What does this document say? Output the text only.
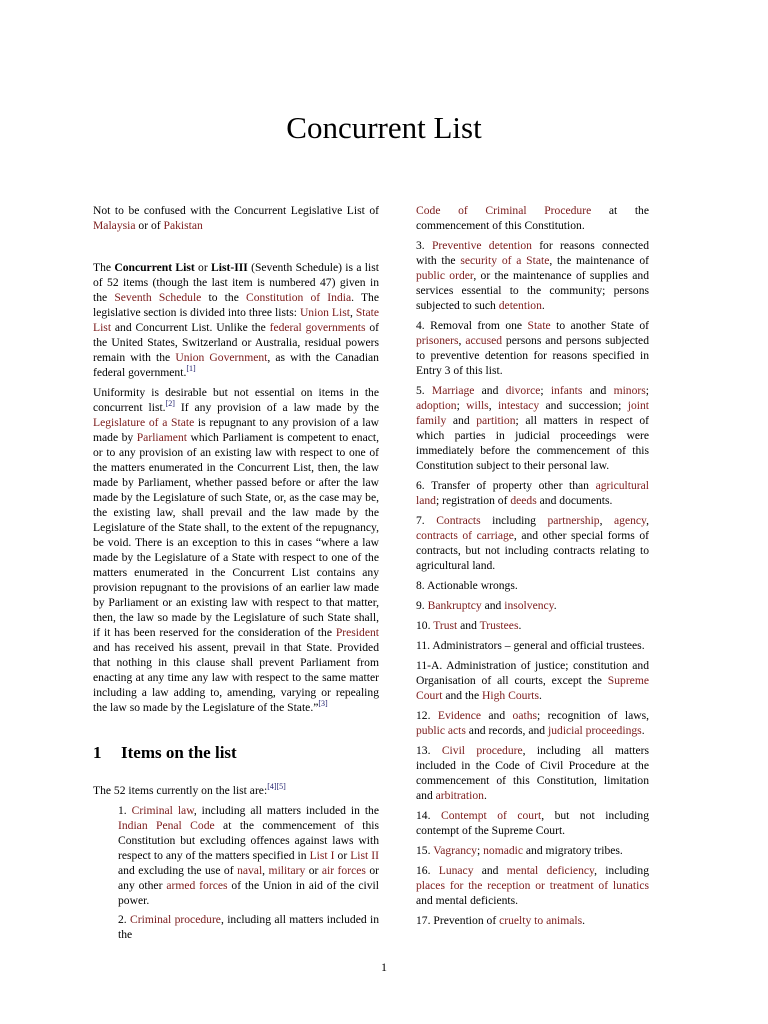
Concurrent List

Not to be confused with the Concurrent Legislative List of Malaysia or of Pakistan

The Concurrent List or List-III (Seventh Schedule) is a list of 52 items (though the last item is numbered 47) given in the Seventh Schedule to the Constitution of India. The legislative section is divided into three lists: Union List, State List and Concurrent List. Unlike the federal governments of the United States, Switzerland or Australia, residual powers remain with the Union Government, as with the Canadian federal government.[1]

Uniformity is desirable but not essential on items in the concurrent list.[2] If any provision of a law made by the Legislature of a State is repugnant to any provision of a law made by Parliament which Parliament is competent to enact, or to any provision of an existing law with respect to one of the matters enumerated in the Concurrent List, then, the law made by Parliament, whether passed before or after the law made by the Legislature of such State, or, as the case may be, the existing law, shall prevail and the law made by the Legislature of the State shall, to the extent of the repugnancy, be void. There is an exception to this in cases “where a law made by the Legislature of a State with respect to one of the matters enumerated in the Concurrent List contains any provision repugnant to the provisions of an earlier law made by Parliament or an existing law with respect to that matter, then, the law so made by the Legislature of such State shall, if it has been reserved for the consideration of the President and has received his assent, prevail in that State. Provided that nothing in this clause shall prevent Parliament from enacting at any time any law with respect to the same matter including a law adding to, amending, varying or repealing the law so made by the Legislature of the State.”[3]

1 Items on the list

The 52 items currently on the list are:[4][5]

1. Criminal law, including all matters included in the Indian Penal Code at the commencement of this Constitution but excluding offences against laws with respect to any of the matters specified in List I or List II and excluding the use of naval, military or air forces or any other armed forces of the Union in aid of the civil power.

2. Criminal procedure, including all matters included in the

Code of Criminal Procedure at the commencement of this Constitution.

3. Preventive detention for reasons connected with the security of a State, the maintenance of public order, or the maintenance of supplies and services essential to the community; persons subjected to such detention.

4. Removal from one State to another State of prisoners, accused persons and persons subjected to preventive detention for reasons specified in Entry 3 of this list.

5. Marriage and divorce; infants and minors; adoption; wills, intestacy and succession; joint family and partition; all matters in respect of which parties in judicial proceedings were immediately before the commencement of this Constitution subject to their personal law.

6. Transfer of property other than agricultural land; registration of deeds and documents.

7. Contracts including partnership, agency, contracts of carriage, and other special forms of contracts, but not including contracts relating to agricultural land.

8. Actionable wrongs.

9. Bankruptcy and insolvency.

10. Trust and Trustees.

11. Administrators – general and official trustees.

11-A. Administration of justice; constitution and Organisation of all courts, except the Supreme Court and the High Courts.

12. Evidence and oaths; recognition of laws, public acts and records, and judicial proceedings.

13. Civil procedure, including all matters included in the Code of Civil Procedure at the commencement of this Constitution, limitation and arbitration.

14. Contempt of court, but not including contempt of the Supreme Court.

15. Vagrancy; nomadic and migratory tribes.

16. Lunacy and mental deficiency, including places for the reception or treatment of lunatics and mental deficients.

17. Prevention of cruelty to animals.

1
